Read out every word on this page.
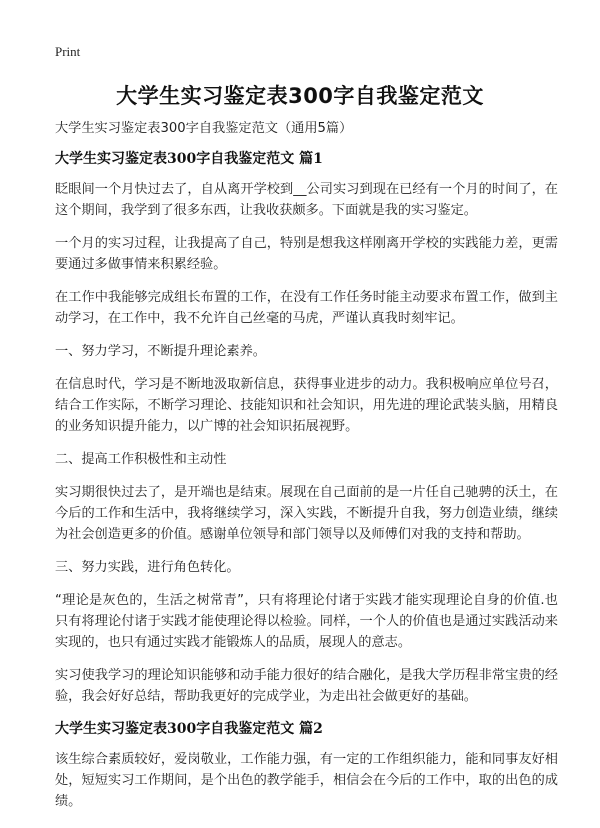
Print
大学生实习鉴定表300字自我鉴定范文

大学生实习鉴定表300字自我鉴定范文（通用5篇）

大学生实习鉴定表300字自我鉴定范文 篇1

眨眼间一个月快过去了，自从离开学校到__公司实习到现在已经有一个月的时间了，在这个期间，我学到了很多东西，让我收获颇多。下面就是我的实习鉴定。

一个月的实习过程，让我提高了自己，特别是想我这样刚离开学校的实践能力差，更需要通过多做事情来积累经验。

在工作中我能够完成组长布置的工作，在没有工作任务时能主动要求布置工作，做到主动学习，在工作中，我不允许自己丝毫的马虎，严谨认真我时刻牢记。

一、努力学习，不断提升理论素养。

在信息时代，学习是不断地汲取新信息，获得事业进步的动力。我积极响应单位号召，结合工作实际，不断学习理论、技能知识和社会知识，用先进的理论武装头脑，用精良的业务知识提升能力，以广博的社会知识拓展视野。

二、提高工作积极性和主动性

实习期很快过去了，是开端也是结束。展现在自己面前的是一片任自己驰骋的沃土，在今后的工作和生活中，我将继续学习，深入实践，不断提升自我，努力创造业绩，继续为社会创造更多的价值。感谢单位领导和部门领导以及师傅们对我的支持和帮助。

三、努力实践，进行角色转化。

“理论是灰色的，生活之树常青”，只有将理论付诸于实践才能实现理论自身的价值.也只有将理论付诸于实践才能使理论得以检验。同样，一个人的价值也是通过实践活动来实现的，也只有通过实践才能锻炼人的品质，展现人的意志。

实习使我学习的理论知识能够和动手能力很好的结合融化，是我大学历程非常宝贵的经验，我会好好总结，帮助我更好的完成学业，为走出社会做更好的基础。

大学生实习鉴定表300字自我鉴定范文 篇2

该生综合素质较好，爱岗敬业，工作能力强，有一定的工作组织能力，能和同事友好相处，短短实习工作期间，是个出色的教学能手，相信会在今后的工作中，取的出色的成绩。
